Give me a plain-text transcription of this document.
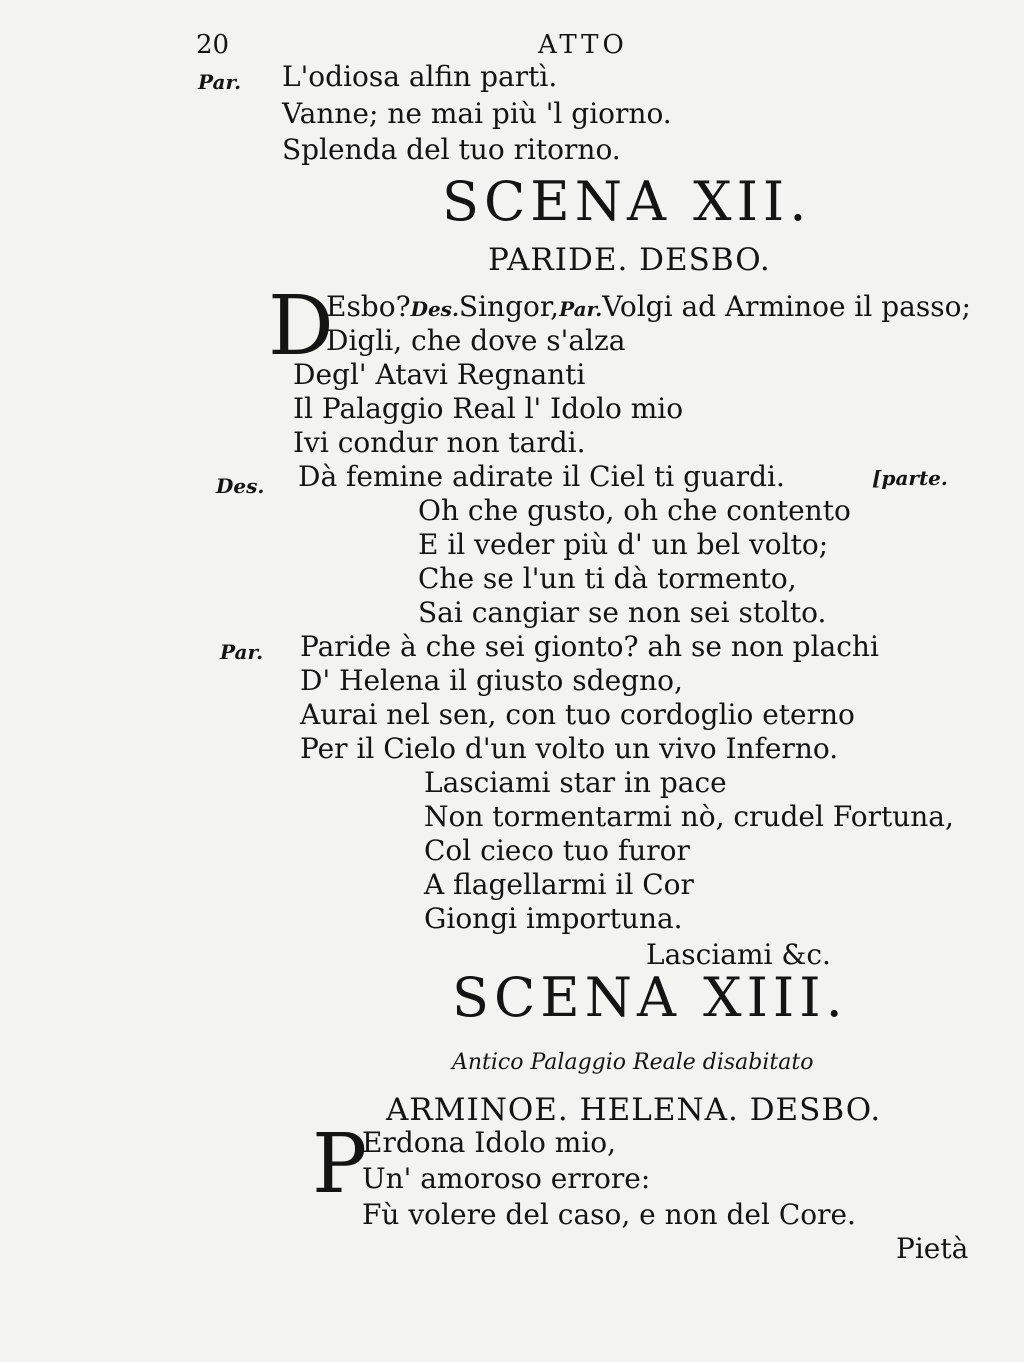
20	ATTO
Par. L'odiosa alfin partì.
Vanne; ne mai più 'l giorno.
Splenda del tuo ritorno.
SCENA XII.
PARIDE. DESBO.
D
Esbo?Des.Singor,Par.Volgi ad Arminoe il passo;
Digli, che dove s'alza
Degl' Atavi Regnanti
Il Palaggio Real l' Idolo mio
Ivi condur non tardi.
Des. Dà femine adirate il Ciel ti guardi.	[parte.
Oh che gusto, oh che contento
E il veder più d' un bel volto;
Che se l'un ti dà tormento,
Sai cangiar se non sei stolto.
Par. Paride à che sei gionto? ah se non plachi
D' Helena il giusto sdegno,
Aurai nel sen, con tuo cordoglio eterno
Per il Cielo d'un volto un vivo Inferno.
Lasciami star in pace
Non tormentarmi nò, crudel Fortuna,
Col cieco tuo furor
A flagellarmi il Cor
Giongi importuna.
Lasciami &c.
SCENA XIII.
Antico Palaggio Reale disabitato
ARMINOE. HELENA. DESBO.
P
Erdona Idolo mio,
Un' amoroso errore:
Fù volere del caso, e non del Core.
Pietà
